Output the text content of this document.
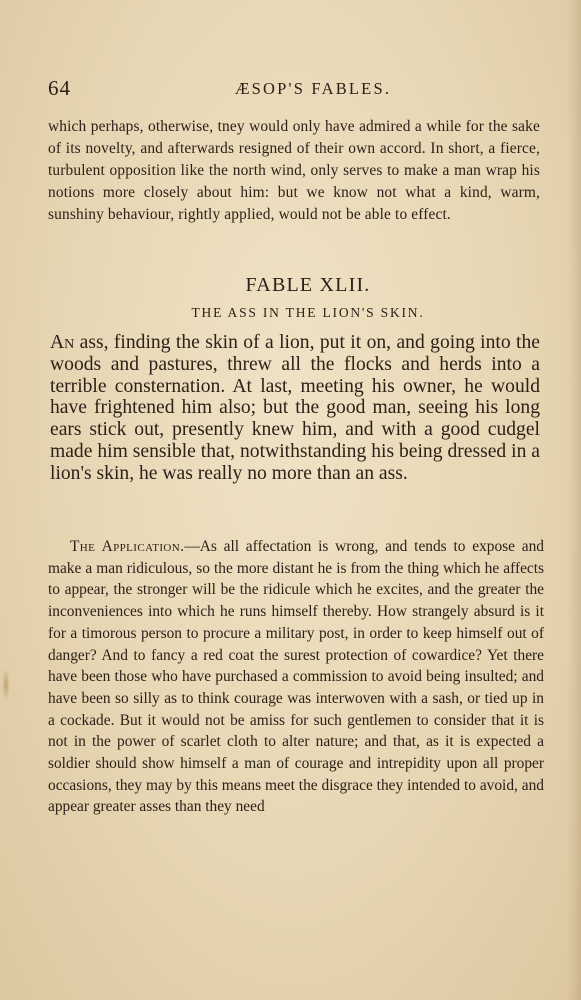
64	ÆSOP'S FABLES.

which perhaps, otherwise, tney would only have admired a while for the sake of its novelty, and afterwards resigned of their own accord. In short, a fierce, turbulent opposition like the north wind, only serves to make a man wrap his notions more closely about him: but we know not what a kind, warm, sunshiny behaviour, rightly applied, would not be able to effect.

FABLE XLII.
THE ASS IN THE LION'S SKIN.

An ass, finding the skin of a lion, put it on, and going into the woods and pastures, threw all the flocks and herds into a terrible consternation. At last, meeting his owner, he would have frightened him also; but the good man, seeing his long ears stick out, presently knew him, and with a good cudgel made him sensible that, notwithstanding his being dressed in a lion's skin, he was really no more than an ass.

The Application.—As all affectation is wrong, and tends to expose and make a man ridiculous, so the more distant he is from the thing which he affects to appear, the stronger will be the ridicule which he excites, and the greater the inconveniences into which he runs himself thereby. How strangely absurd is it for a timorous person to procure a military post, in order to keep himself out of danger? And to fancy a red coat the surest protection of cowardice? Yet there have been those who have purchased a commission to avoid being insulted; and have been so silly as to think courage was interwoven with a sash, or tied up in a cockade. But it would not be amiss for such gentlemen to consider that it is not in the power of scarlet cloth to alter nature; and that, as it is expected a soldier should show himself a man of courage and intrepidity upon all proper occasions, they may by this means meet the disgrace they intended to avoid, and appear greater asses than they need
